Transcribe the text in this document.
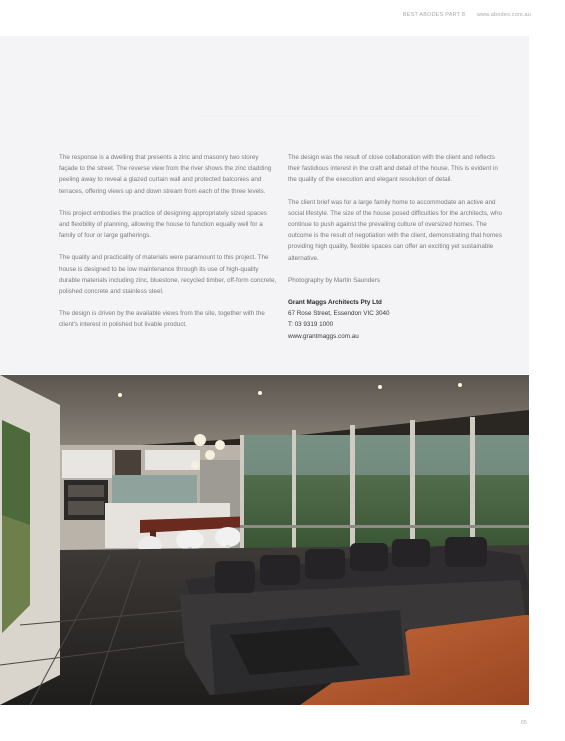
BEST ABODES PART 8 www.abodes.com.au

The response is a dwelling that presents a zinc and masonry two storey façade to the street. The reverse view from the river shows the zinc cladding peeling away to reveal a glazed curtain wall and protected balconies and terraces, offering views up and down stream from each of the three levels.

This project embodies the practice of designing appropriately sized spaces and flexibility of planning, allowing the house to function equally well for a family of four or large gatherings.

The quality and practicality of materials were paramount to this project. The house is designed to be low maintenance through its use of high-quality durable materials including zinc, bluestone, recycled timber, off-form concrete, polished concrete and stainless steel.

The design is driven by the available views from the site, together with the client's interest in polished but livable product.

The design was the result of close collaboration with the client and reflects their fastidious interest in the craft and detail of the house. This is evident in the quality of the execution and elegant resolution of detail.

The client brief was for a large family home to accommodate an active and social lifestyle. The size of the house posed difficulties for the architects, who continue to push against the prevailing culture of oversized homes. The outcome is the result of negotiation with the client, demonstrating that homes providing high quality, flexible spaces can offer an exciting yet sustainable alternative.

Photography by Martin Saunders

Grant Maggs Architects Pty Ltd
67 Rose Street, Essendon VIC 3040
T: 03 9319 1000
www.grantmaggs.com.au
65
